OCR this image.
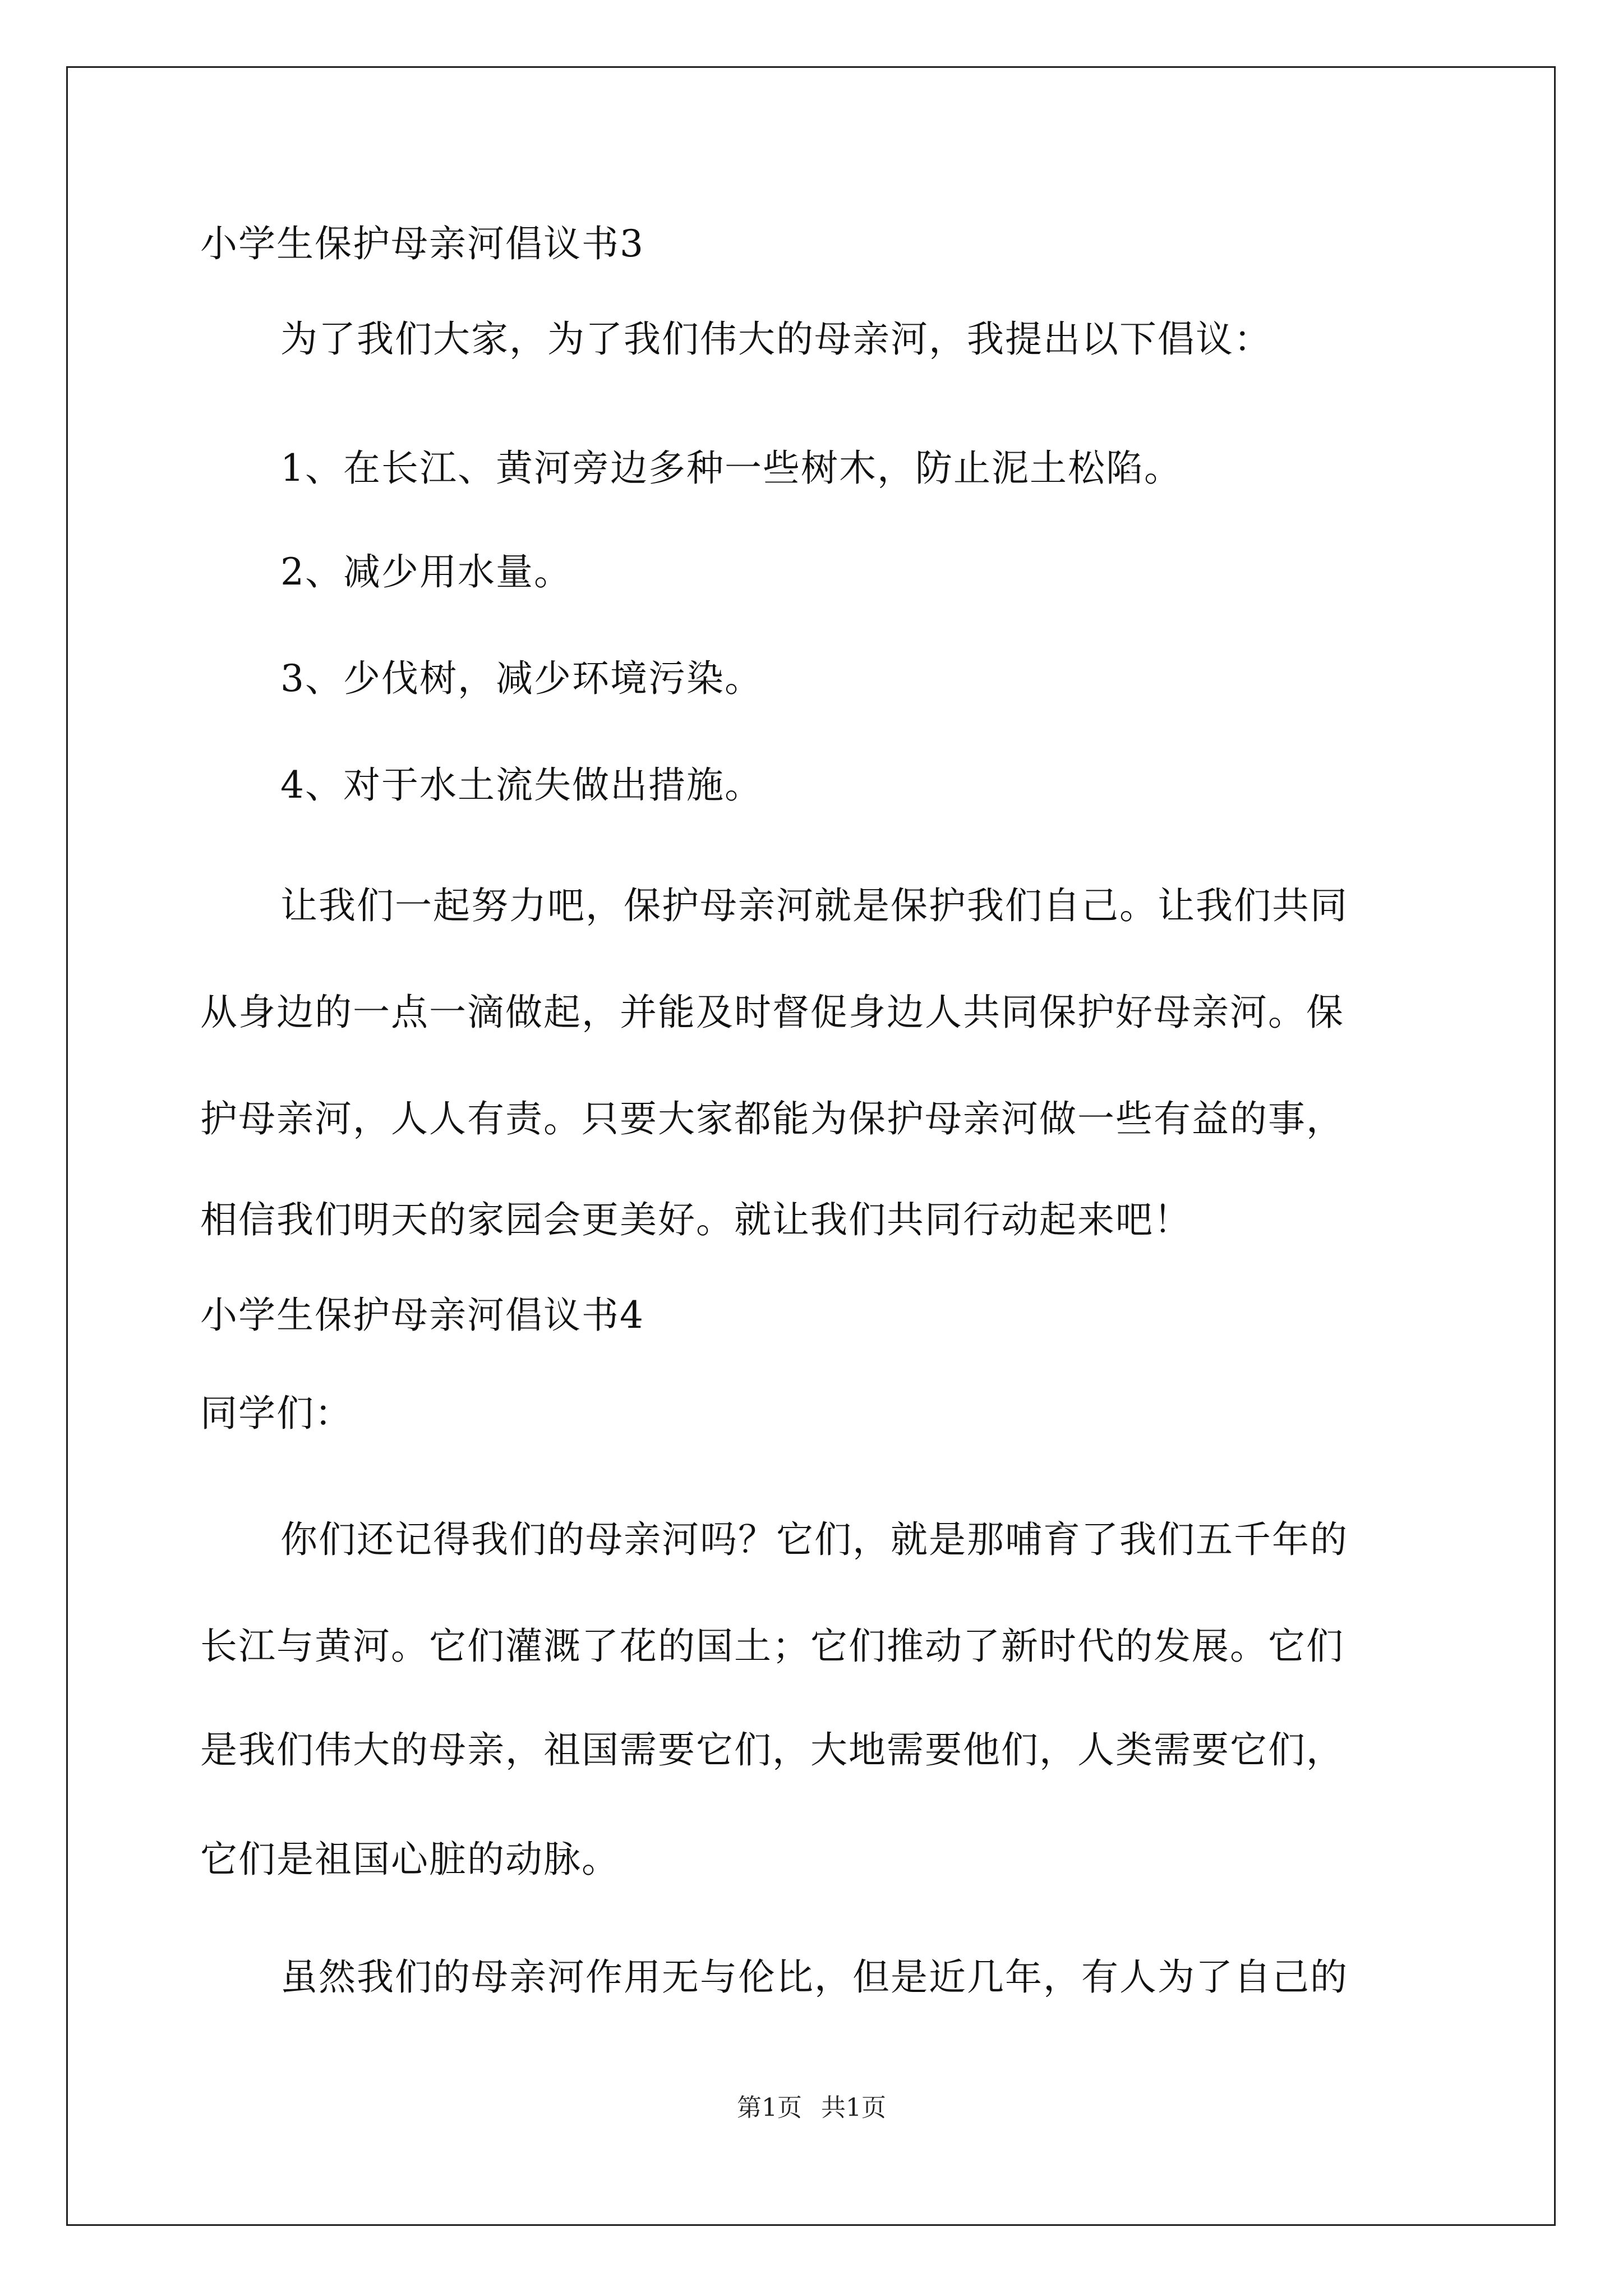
小学生保护母亲河倡议书3
为了我们大家，为了我们伟大的母亲河，我提出以下倡议：
1、在长江、黄河旁边多种一些树木，防止泥土松陷。
2、减少用水量。
3、少伐树，减少环境污染。
4、对于水土流失做出措施。
让我们一起努力吧，保护母亲河就是保护我们自己。让我们共同
从身边的一点一滴做起，并能及时督促身边人共同保护好母亲河。保
护母亲河，人人有责。只要大家都能为保护母亲河做一些有益的事，
相信我们明天的家园会更美好。就让我们共同行动起来吧！
小学生保护母亲河倡议书4
同学们：
你们还记得我们的母亲河吗？它们，就是那哺育了我们五千年的
长江与黄河。它们灌溉了花的国土；它们推动了新时代的发展。它们
是我们伟大的母亲，祖国需要它们，大地需要他们，人类需要它们，
它们是祖国心脏的动脉。
虽然我们的母亲河作用无与伦比，但是近几年，有人为了自己的
第1页 共1页
